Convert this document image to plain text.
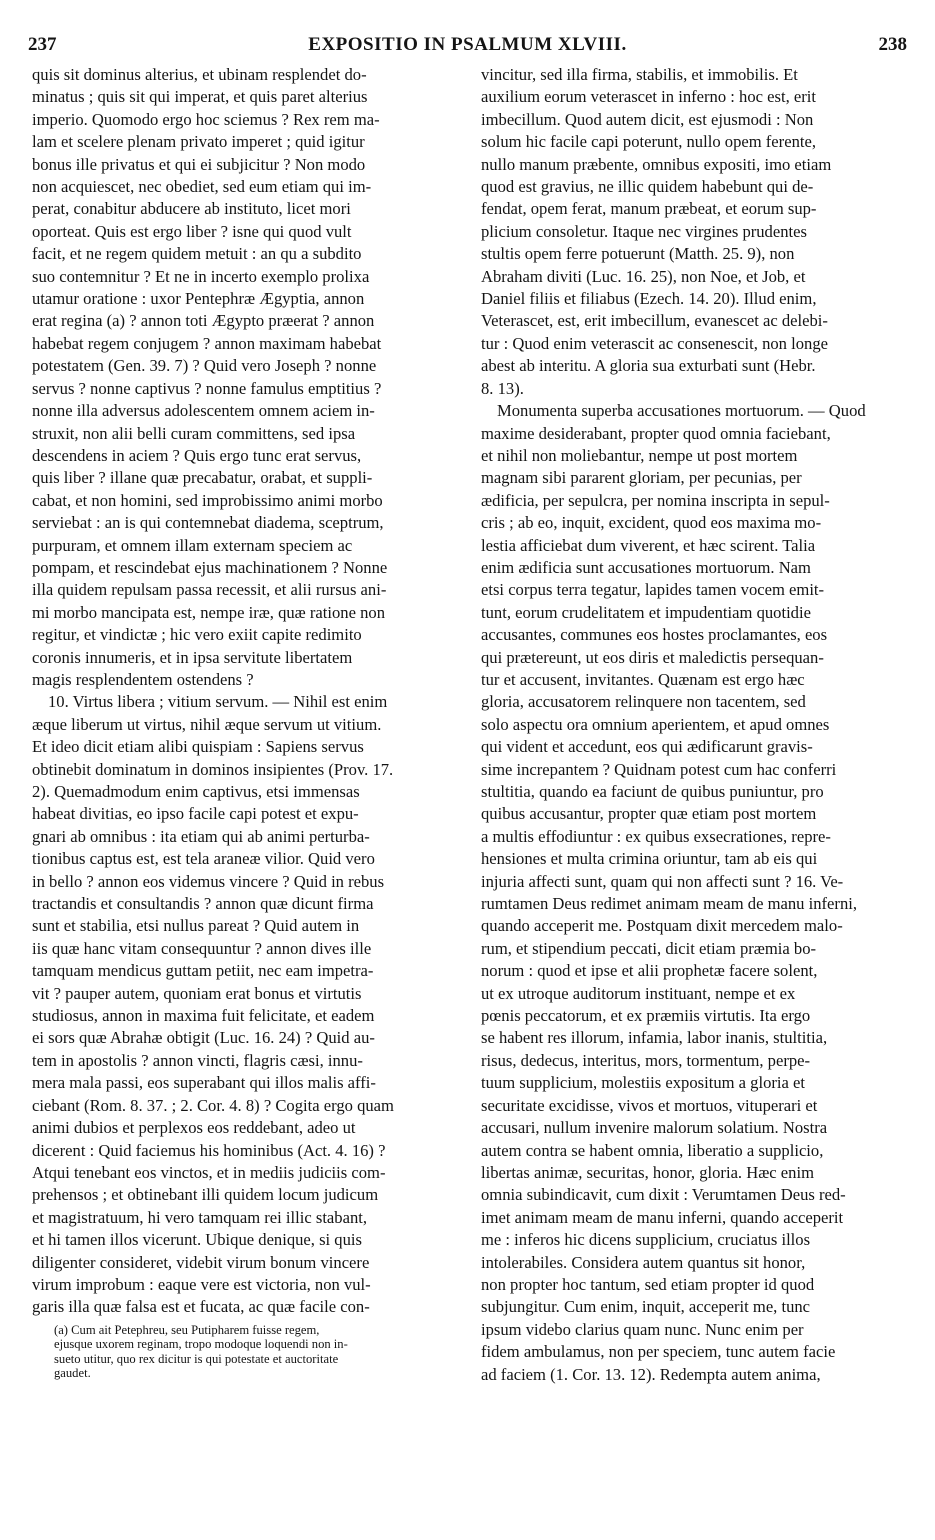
237	EXPOSITIO IN PSALMUM XLVIII.	238
quis sit dominus alterius, et ubinam resplendet do-
minatus ; quis sit qui imperat, et quis paret alterius
imperio. Quomodo ergo hoc sciemus ? Rex rem ma-
lam et scelere plenam privato imperet ; quid igitur
bonus ille privatus et qui ei subjicitur ? Non modo
non acquiescet, nec obediet, sed eum etiam qui im-
perat, conabitur abducere ab instituto, licet mori
oporteat. Quis est ergo liber ? isne qui quod vult
facit, et ne regem quidem metuit : an qu a subdito
suo contemnitur ? Et ne in incerto exemplo prolixa
utamur oratione : uxor Pentephræ Ægyptia, annon
erat regina (a) ? annon toti Ægypto præerat ? annon
habebat regem conjugem ? annon maximam habebat
potestatem (Gen. 39. 7) ? Quid vero Joseph ? nonne
servus ? nonne captivus ? nonne famulus emptitius ?
nonne illa adversus adolescentem omnem aciem in-
struxit, non alii belli curam committens, sed ipsa
descendens in aciem ? Quis ergo tunc erat servus,
quis liber ? illane quæ precabatur, orabat, et suppli-
cabat, et non homini, sed improbissimo animi morbo
serviebat : an is qui contemnebat diadema, sceptrum,
purpuram, et omnem illam externam speciem ac
pompam, et rescindebat ejus machinationem ? Nonne
illa quidem repulsam passa recessit, et alii rursus ani-
mi morbo mancipata est, nempe iræ, quæ ratione non
regitur, et vindictæ ; hic vero exiit capite redimito
coronis innumeris, et in ipsa servitute libertatem
magis resplendentem ostendens ?
10. Virtus libera ; vitium servum. — Nihil est enim
æque liberum ut virtus, nihil æque servum ut vitium.
Et ideo dicit etiam alibi quispiam : Sapiens servus
obtinebit dominatum in dominos insipientes (Prov. 17.
2). Quemadmodum enim captivus, etsi immensas
habeat divitias, eo ipso facile capi potest et expu-
gnari ab omnibus : ita etiam qui ab animi perturba-
tionibus captus est, est tela araneæ vilior. Quid vero
in bello ? annon eos videmus vincere ? Quid in rebus
tractandis et consultandis ? annon quæ dicunt firma
sunt et stabilia, etsi nullus pareat ? Quid autem in
iis quæ hanc vitam consequuntur ? annon dives ille
tamquam mendicus guttam petiit, nec eam impetra-
vit ? pauper autem, quoniam erat bonus et virtutis
studiosus, annon in maxima fuit felicitate, et eadem
ei sors quæ Abrahæ obtigit (Luc. 16. 24) ? Quid au-
tem in apostolis ? annon vincti, flagris cæsi, innu-
mera mala passi, eos superabant qui illos malis affi-
ciebant (Rom. 8. 37. ; 2. Cor. 4. 8) ? Cogita ergo quam
animi dubios et perplexos eos reddebant, adeo ut
dicerent : Quid faciemus his hominibus (Act. 4. 16) ?
Atqui tenebant eos vinctos, et in mediis judiciis com-
prehensos ; et obtinebant illi quidem locum judicum
et magistratuum, hi vero tamquam rei illic stabant,
et hi tamen illos vicerunt. Ubique denique, si quis
diligenter consideret, videbit virum bonum vincere
virum improbum : eaque vere est victoria, non vul-
garis illa quæ falsa est et fucata, ac quæ facile con-
(a) Cum ait Petephreu, seu Putipharem fuisse regem,
ejusque uxorem reginam, tropo modoque loquendi non in-
sueto utitur, quo rex dicitur is qui potestate et auctoritate
gaudet.
vincitur, sed illa firma, stabilis, et immobilis. Et
auxilium eorum veterascet in inferno : hoc est, erit
imbecillum. Quod autem dicit, est ejusmodi : Non
solum hic facile capi poterunt, nullo opem ferente,
nullo manum præbente, omnibus expositi, imo etiam
quod est gravius, ne illic quidem habebunt qui de-
fendat, opem ferat, manum præbeat, et eorum sup-
plicium consoletur. Itaque nec virgines prudentes
stultis opem ferre potuerunt (Matth. 25. 9), non
Abraham diviti (Luc. 16. 25), non Noe, et Job, et
Daniel filiis et filiabus (Ezech. 14. 20). Illud enim,
Veterascet, est, erit imbecillum, evanescet ac delebi-
tur : Quod enim veterascit ac consenescit, non longe
abest ab interitu. A gloria sua exturbati sunt (Hebr.
8. 13).
Monumenta superba accusationes mortuorum. — Quod
maxime desiderabant, propter quod omnia faciebant,
et nihil non moliebantur, nempe ut post mortem
magnam sibi pararent gloriam, per pecunias, per
ædificia, per sepulcra, per nomina inscripta in sepul-
cris ; ab eo, inquit, excident, quod eos maxima mo-
lestia afficiebat dum viverent, et hæc scirent. Talia
enim ædificia sunt accusationes mortuorum. Nam
etsi corpus terra tegatur, lapides tamen vocem emit-
tunt, eorum crudelitatem et impudentiam quotidie
accusantes, communes eos hostes proclamantes, eos
qui prætereunt, ut eos diris et maledictis persequan-
tur et accusent, invitantes. Quænam est ergo hæc
gloria, accusatorem relinquere non tacentem, sed
solo aspectu ora omnium aperientem, et apud omnes
qui vident et accedunt, eos qui ædificarunt gravis-
sime increpantem ? Quidnam potest cum hac conferri
stultitia, quando ea faciunt de quibus puniuntur, pro
quibus accusantur, propter quæ etiam post mortem
a multis effodiuntur : ex quibus exsecrationes, repre-
hensiones et multa crimina oriuntur, tam ab eis qui
injuria affecti sunt, quam qui non affecti sunt ? 16. Ve-
rumtamen Deus redimet animam meam de manu inferni,
quando acceperit me. Postquam dixit mercedem malo-
rum, et stipendium peccati, dicit etiam præmia bo-
norum : quod et ipse et alii prophetæ facere solent,
ut ex utroque auditorum instituant, nempe et ex
pœnis peccatorum, et ex præmiis virtutis. Ita ergo
se habent res illorum, infamia, labor inanis, stultitia,
risus, dedecus, interitus, mors, tormentum, perpe-
tuum supplicium, molestiis expositum a gloria et
securitate excidisse, vivos et mortuos, vituperari et
accusari, nullum invenire malorum solatium. Nostra
autem contra se habent omnia, liberatio a supplicio,
libertas animæ, securitas, honor, gloria. Hæc enim
omnia subindicavit, cum dixit : Verumtamen Deus red-
imet animam meam de manu inferni, quando acceperit
me : inferos hic dicens supplicium, cruciatus illos
intolerabiles. Considera autem quantus sit honor,
non propter hoc tantum, sed etiam propter id quod
subjungitur. Cum enim, inquit, acceperit me, tunc
ipsum videbo clarius quam nunc. Nunc enim per
fidem ambulamus, non per speciem, tunc autem facie
ad faciem (1. Cor. 13. 12). Redempta autem anima,
